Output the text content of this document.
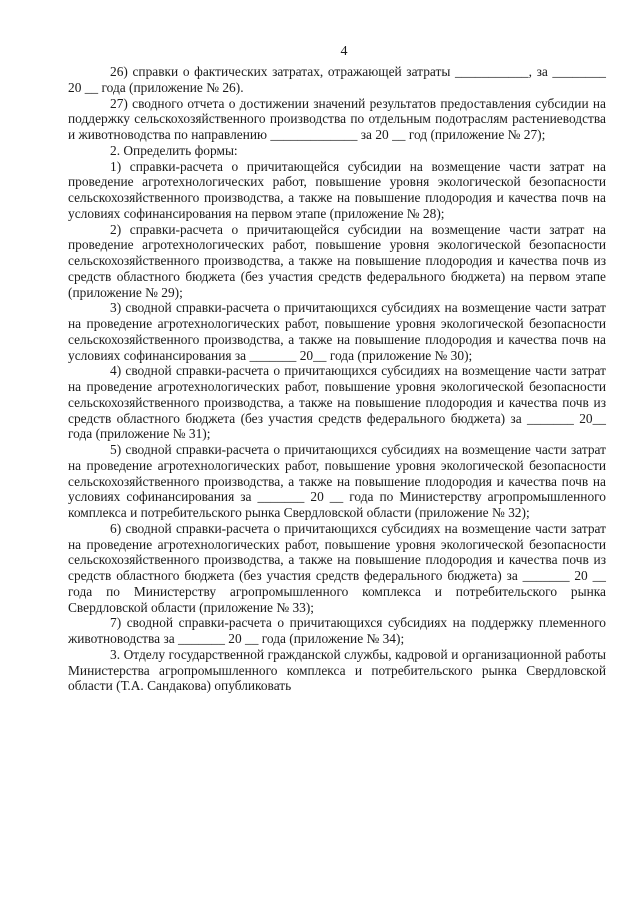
4

26) справки о фактических затратах, отражающей затраты ___________, за ________ 20 __ года (приложение № 26).

27) сводного отчета о достижении значений результатов предоставления субсидии на поддержку сельскохозяйственного производства по отдельным подотраслям растениеводства и животноводства по направлению _____________ за 20 __ год (приложение № 27);

2. Определить формы:

1) справки-расчета о причитающейся субсидии на возмещение части затрат на проведение агротехнологических работ, повышение уровня экологической безопасности сельскохозяйственного производства, а также на повышение плодородия и качества почв на условиях софинансирования на первом этапе (приложение № 28);

2) справки-расчета о причитающейся субсидии на возмещение части затрат на проведение агротехнологических работ, повышение уровня экологической безопасности сельскохозяйственного производства, а также на повышение плодородия и качества почв из средств областного бюджета (без участия средств федерального бюджета) на первом этапе (приложение № 29);

3) сводной справки-расчета о причитающихся субсидиях на возмещение части затрат на проведение агротехнологических работ, повышение уровня экологической безопасности сельскохозяйственного производства, а также на повышение плодородия и качества почв на условиях софинансирования за _______ 20__ года (приложение № 30);

4) сводной справки-расчета о причитающихся субсидиях на возмещение части затрат на проведение агротехнологических работ, повышение уровня экологической безопасности сельскохозяйственного производства, а также на повышение плодородия и качества почв из средств областного бюджета (без участия средств федерального бюджета) за _______ 20__ года (приложение № 31);

5) сводной справки-расчета о причитающихся субсидиях на возмещение части затрат на проведение агротехнологических работ, повышение уровня экологической безопасности сельскохозяйственного производства, а также на повышение плодородия и качества почв на условиях софинансирования за _______ 20 __ года по Министерству агропромышленного комплекса и потребительского рынка Свердловской области (приложение № 32);

6) сводной справки-расчета о причитающихся субсидиях на возмещение части затрат на проведение агротехнологических работ, повышение уровня экологической безопасности сельскохозяйственного производства, а также на повышение плодородия и качества почв из средств областного бюджета (без участия средств федерального бюджета) за _______ 20 __ года по Министерству агропромышленного комплекса и потребительского рынка Свердловской области (приложение № 33);

7) сводной справки-расчета о причитающихся субсидиях на поддержку племенного животноводства за _______ 20 __ года (приложение № 34);

3. Отделу государственной гражданской службы, кадровой и организационной работы Министерства агропромышленного комплекса и потребительского рынка Свердловской области (Т.А. Сандакова) опубликовать
